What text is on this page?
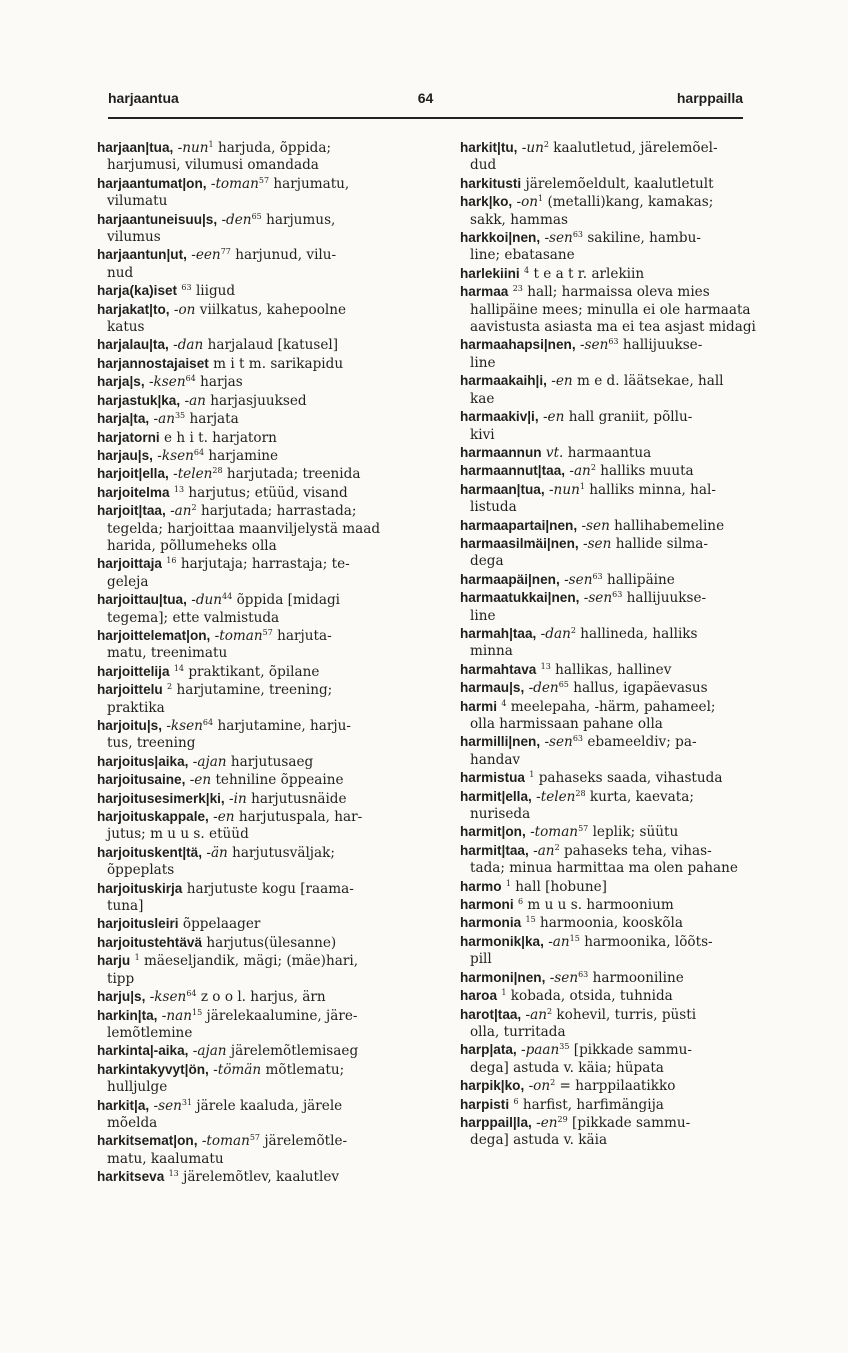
harjaantua	64	harppailla
harjaan|tua, -nun$^1$ harjuda, õppida;
harjumusi, vilumusi omandada
harjaantumat|on, -toman$^{57}$ harjumatu,
vilumatu
harjaantuneisuu|s, -den$^{65}$ harjumus,
vilumus
harjaantun|ut, -een$^{77}$ harjunud, vilu-
nud
harja(ka)iset $^{63}$ liigud
harjakat|to, -on viilkatus, kahepoolne
katus
harjalau|ta, -dan harjalaud [katusel]
harjannostajaiset m i t m. sarikapidu
harja|s, -ksen$^{64}$ harjas
harjastuk|ka, -an harjasjuuksed
harja|ta, $-an^{35}$ harjata
harjatorni e h i t. harjatorn
harjau|s, -ksen$^{64}$ harjamine
harjoit|ella, -telen$^{28}$ harjutada; treenida
harjoitelma $^{13}$ harjutus; etüüd, visand
harjoit|taa, $-an^2$ harjutada; harrastada;
tegelda; harjoittaa maanviljelystä maad harida, põllumeheks olla
harjoittaja $^{16}$ harjutaja; harrastaja; te-
geleja
harjoittau|tua, -dun$^{44}$ õppida [midagi
tegema]; ette valmistuda
harjoittelemat|on, -toman$^{57}$ harjuta-
matu, treenimatu
harjoittelija $^{14}$ praktikant, õpilane
harjoittelu $^2$ harjutamine, treening;
praktika
harjoitu|s, -ksen$^{64}$ harjutamine, harju-
tus, treening
harjoitus|aika, -ajan harjutusaeg
harjoitusaine, -en tehniline õppeaine
harjoitusesimerk|ki, -in harjutusnäide
harjoituskappale, -en harjutuspala, har-
jutus; m u u s. etüüd
harjoituskent|tä, -än harjutusväljak;
õppeplats
harjoituskirja harjutuste kogu [raama-
tuna]
harjoitusleiri õppelaager
harjoitustehtävä harjutus(ülesanne)
harju $^1$ mäeseljandik, mägi; (mäe)hari,
tipp
harju|s, -ksen$^{64}$ z o o l. harjus, ärn
harkin|ta, -nan$^{15}$ järelekaalumine, järe-
lemõtlemine
harkinta|-aika, -ajan järelemõtlemisaeg
harkintakyvyt|ön, -tömän mõtlematu;
hulljulge
harkit|a, -sen$^{31}$ järele kaaluda, järele
mõelda
harkitsemat|on, -toman$^{57}$ järelemõtle-
matu, kaalumatu
harkitseva $^{13}$ järelemõtlev, kaalutlev
harkit|tu, $-un^2$ kaalutletud, järelemõel-
dud
harkitusti järelemõeldult, kaalutletult
hark|ko, $-on^1$ (metalli)kang, kamakas;
sakk, hammas
harkkoi|nen, -sen$^{63}$ sakiline, hambu-
line; ebatasane
harlekiini $^4$ t e a t r. arlekiin
harmaa $^{23}$ hall; harmaissa oleva mies
hallipäine mees; minulla ei ole harmaata aavistusta asiasta ma ei tea asjast midagi
harmaahapsi|nen, -sen$^{63}$ hallijuukse-
line
harmaakaih|i, -en m e d. läätsekae, hall
kae
harmaakiv|i, -en hall graniit, põllu-
kivi
harmaannun vt. harmaantua
harmaannut|taa, $-an^2$ halliks muuta
harmaan|tua, -nun$^1$ halliks minna, hal-
listuda
harmaapartai|nen, -sen hallihabemeline
harmaasilmäi|nen, -sen hallide silma-
dega
harmaapäi|nen, -sen$^{63}$ hallipäine
harmaatukkai|nen, -sen$^{63}$ hallijuukse-
line
harmah|taa, -dan$^2$ hallineda, halliks
minna
harmahtava $^{13}$ hallikas, hallinev
harmau|s, -den$^{65}$ hallus, igapäevasus
harmi $^4$ meelepaha, -härm, pahameel;
olla harmissaan pahane olla
harmilli|nen, -sen$^{63}$ ebameeldiv; pa-
handav
harmistua $^1$ pahaseks saada, vihastuda
harmit|ella, -telen$^{28}$ kurta, kaevata;
nuriseda
harmit|on, -toman$^{57}$ leplik; süütu
harmit|taa, $-an^2$ pahaseks teha, vihas-
tada; minua harmittaa ma olen pahane
harmo $^1$ hall [hobune]
harmoni $^6$ m u u s. harmoonium
harmonia $^{15}$ harmoonia, kooskõla
harmonik|ka, $-an^{15}$ harmoonika, lõõts-
pill
harmoni|nen, -sen$^{63}$ harmooniline
haroa $^1$ kobada, otsida, tuhnida
harot|taa, $-an^2$ kohevil, turris, püsti
olla, turritada
harp|ata, -paan$^{35}$ [pikkade sammu-
dega] astuda v. käia; hüpata
harpik|ko, $-on^2$ = harppilaatikko
harpisti $^6$ harfist, harfimängija
harppail|la, $-en^{29}$ [pikkade sammu-
dega] astuda v. käia
